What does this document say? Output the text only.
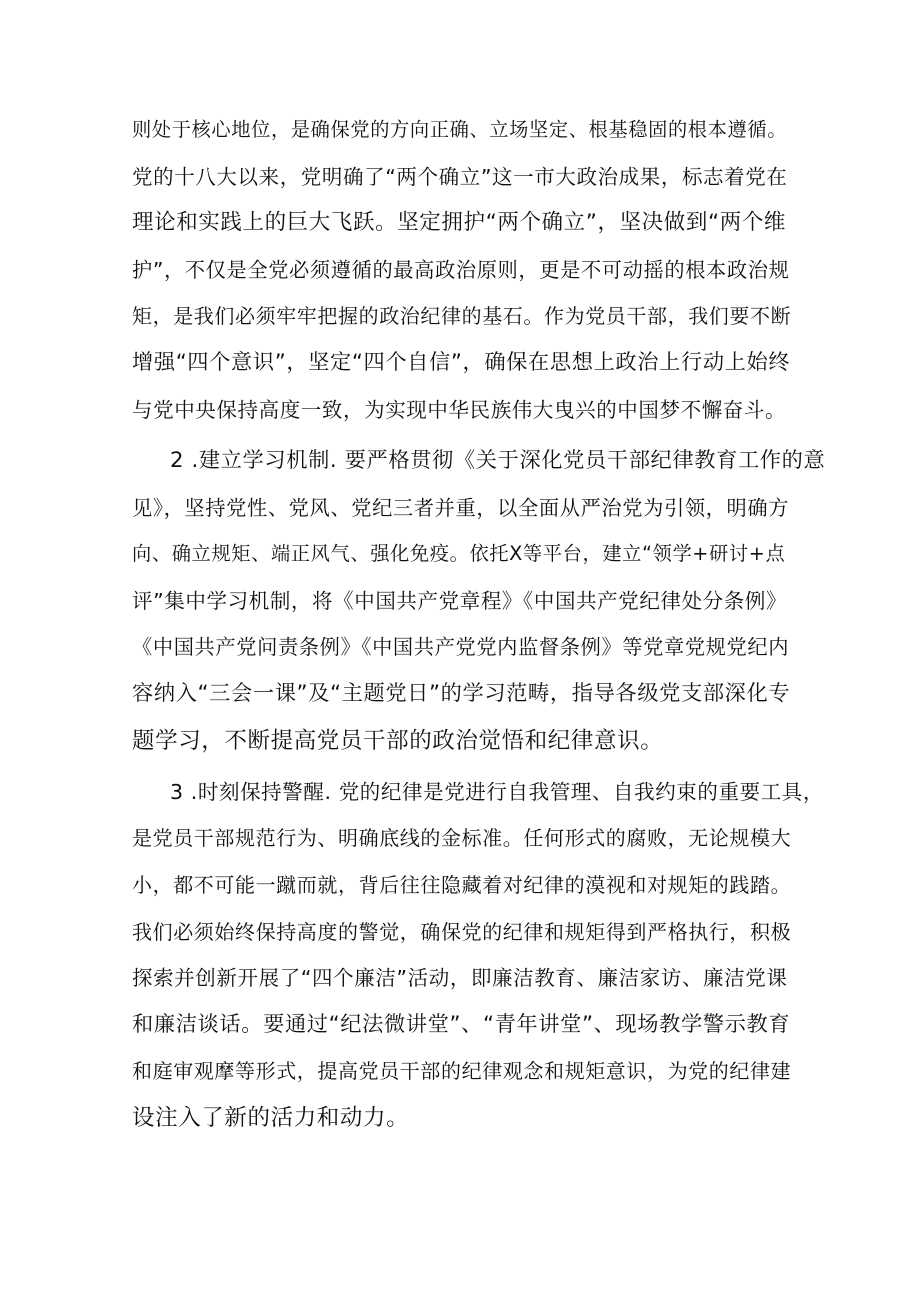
则处于核心地位，是确保党的方向正确、立场坚定、根基稳固的根本遵循。
党的十八大以来，党明确了“两个确立”这一市大政治成果，标志着党在
理论和实践上的巨大飞跃。坚定拥护“两个确立”，坚决做到“两个维
护”，不仅是全党必须遵循的最高政治原则，更是不可动摇的根本政治规
矩，是我们必须牢牢把握的政治纪律的基石。作为党员干部，我们要不断
增强“四个意识”，坚定“四个自信”，确保在思想上政治上行动上始终
与党中央保持高度一致，为实现中华民族伟大曳兴的中国梦不懈奋斗。
2 .建立学习机制. 要严格贯彻《关于深化党员干部纪律教育工作的意
见》，坚持党性、党风、党纪三者并重，以全面从严治党为引领，明确方
向、确立规矩、端正风气、强化免疫。依托X等平台，建立“领学+研讨+点
评”集中学习机制，将《中国共产党章程》《中国共产党纪律处分条例》
《中国共产党问责条例》《中国共产党党内监督条例》等党章党规党纪内
容纳入“三会一课”及“主题党日”的学习范畴，指导各级党支部深化专
题学习，不断提高党员干部的政治觉悟和纪律意识。
3 .时刻保持警醒. 党的纪律是党进行自我管理、自我约束的重要工具，
是党员干部规范行为、明确底线的金标准。任何形式的腐败，无论规模大
小，都不可能一蹴而就，背后往往隐藏着对纪律的漠视和对规矩的践踏。
我们必须始终保持高度的警觉，确保党的纪律和规矩得到严格执行，积极
探索并创新开展了“四个廉洁”活动，即廉洁教育、廉洁家访、廉洁党课
和廉洁谈话。要通过“纪法微讲堂”、“青年讲堂”、现场教学警示教育
和庭审观摩等形式，提高党员干部的纪律观念和规矩意识，为党的纪律建
设注入了新的活力和动力。
